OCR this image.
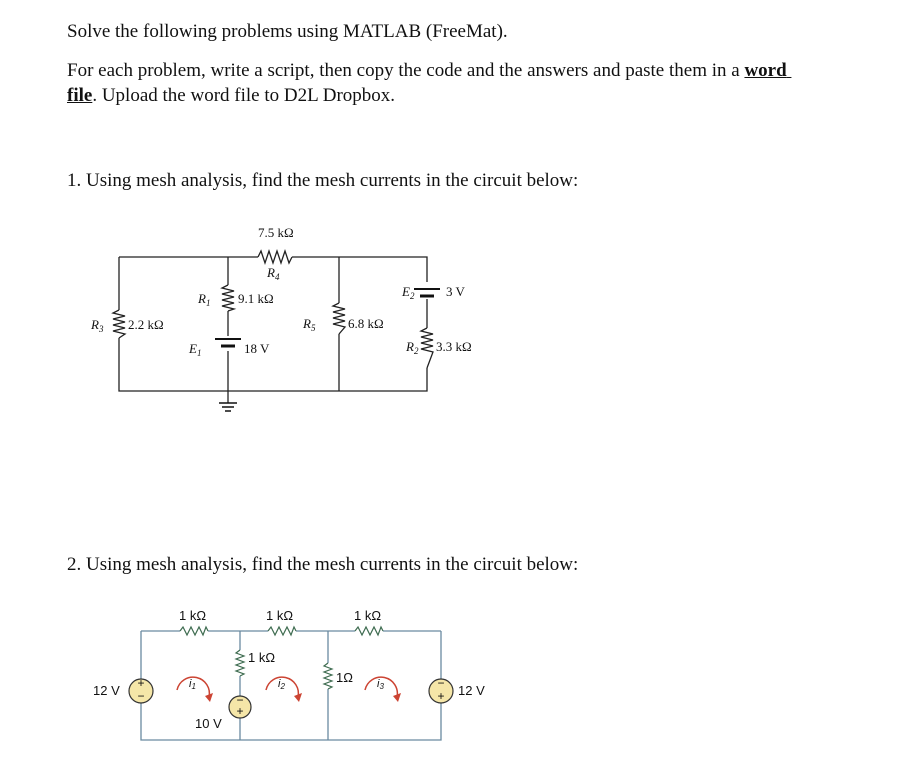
Solve the following problems using MATLAB (FreeMat).
For each problem, write a script, then copy the code and the answers and paste them in a word
file. Upload the word file to D2L Dropbox.
1. Using mesh analysis, find the mesh currents in the circuit below:
2. Using mesh analysis, find the mesh currents in the circuit below:
7.5 kΩ
$R_4$
$R_1$ 9.1 kΩ
$R_3$ 2.2 kΩ	$R_5$	6.8 kΩ
$R_2$ 3.3 kΩ
$E_1$	18 V
$E_2$ 3 V
+
−	−
+
−
+
1 kΩ	1 kΩ	1 kΩ
1 kΩ
1Ω
12 V
10 V
12 V
i1	i2	i3
